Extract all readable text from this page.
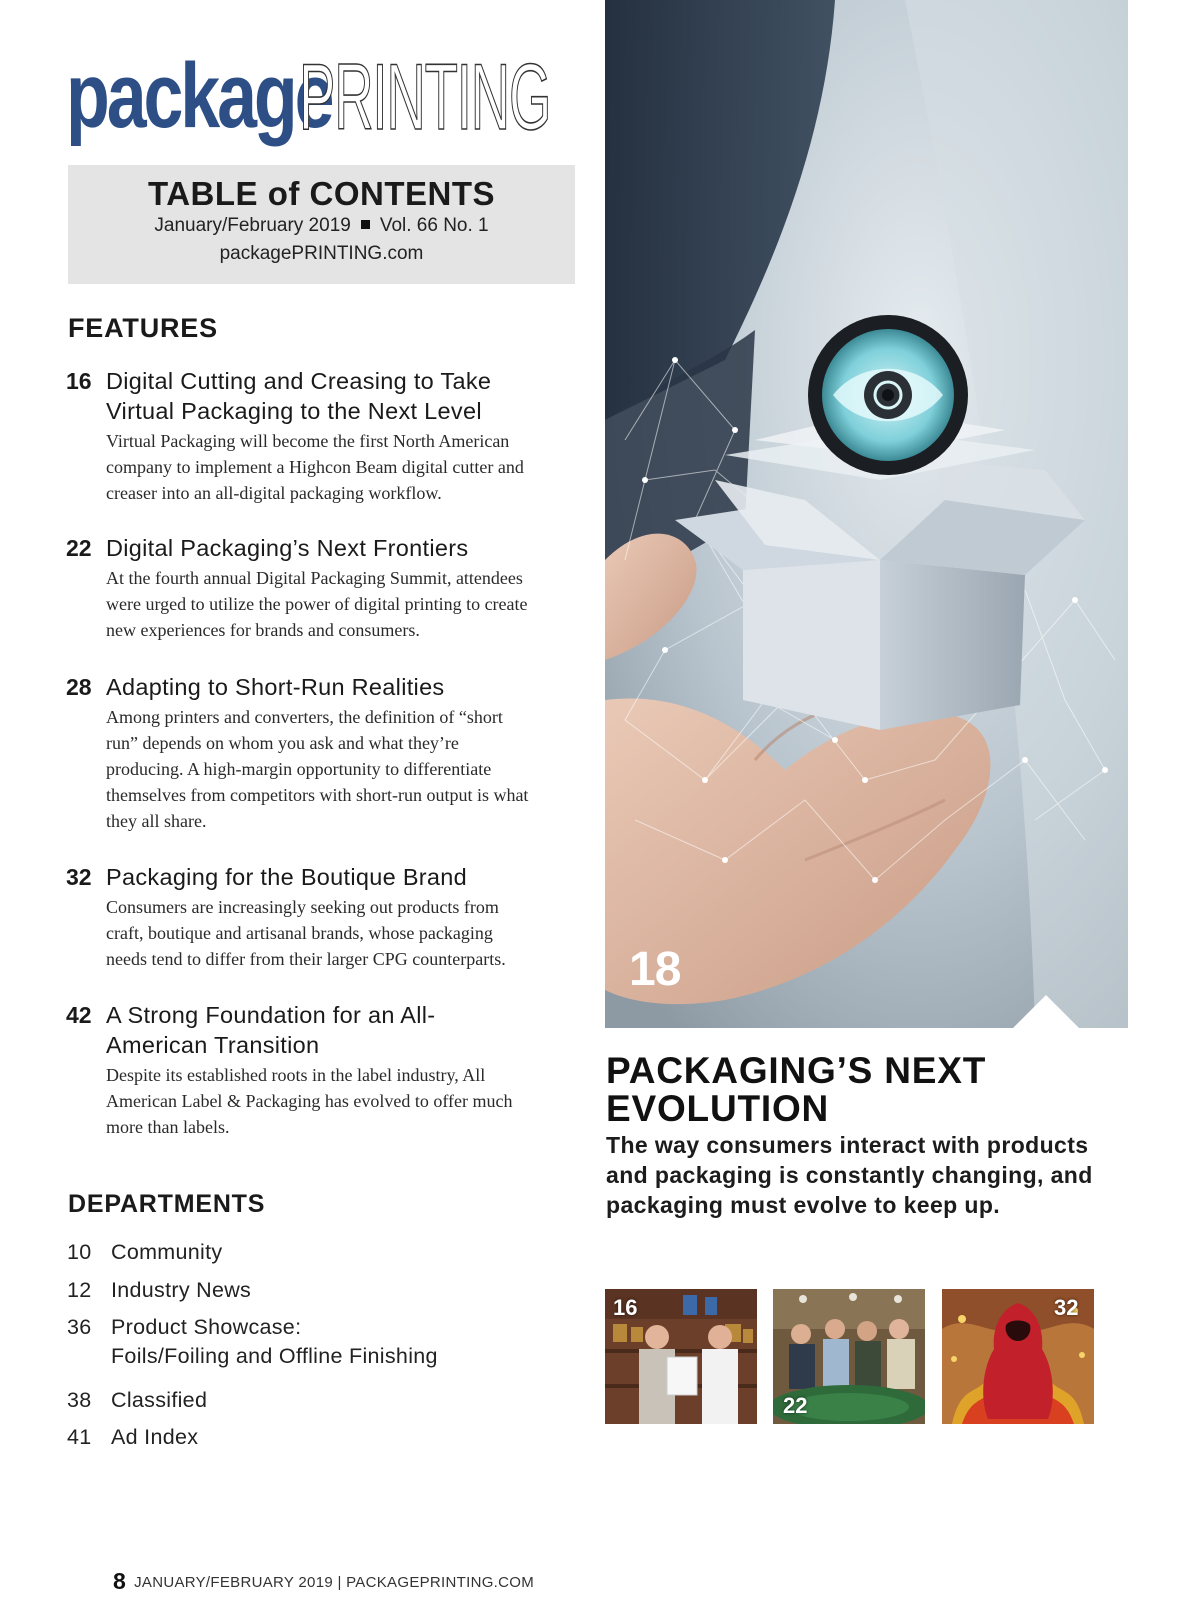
package
PRINTING
TABLE of CONTENTS
January/February 2019 Vol. 66 No. 1
packagePRINTING.com
FEATURES
16 Digital Cutting and Creasing to Take Virtual Packaging to the Next Level
Virtual Packaging will become the first North American company to implement a Highcon Beam digital cutter and creaser into an all-digital packaging workflow.
22 Digital Packaging’s Next Frontiers
At the fourth annual Digital Packaging Summit, attendees were urged to utilize the power of digital printing to create new experiences for brands and consumers.
28 Adapting to Short-Run Realities
Among printers and converters, the definition of “short run” depends on whom you ask and what they’re producing. A high-margin opportunity to differentiate themselves from competitors with short-run output is what they all share.
32 Packaging for the Boutique Brand
Consumers are increasingly seeking out products from craft, boutique and artisanal brands, whose packaging needs tend to differ from their larger CPG counterparts.
42 A Strong Foundation for an All-American Transition
Despite its established roots in the label industry, All American Label & Packaging has evolved to offer much more than labels.
DEPARTMENTS
10 Community
12 Industry News
36 Product Showcase:
Foils/Foiling and Offline Finishing
38 Classified
41 Ad Index
18
PACKAGING’S NEXT
EVOLUTION
The way consumers interact with products and packaging is constantly changing, and packaging must evolve to keep up.
16
22
32
8 JANUARY/FEBRUARY 2019 | PACKAGEPRINTING.COM
